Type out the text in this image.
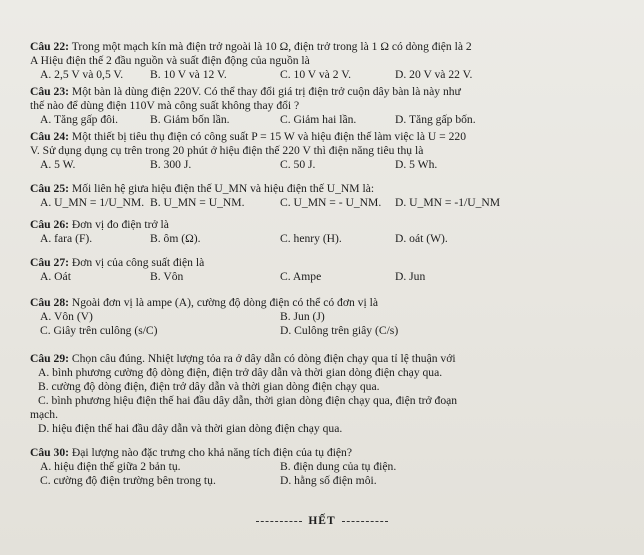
Câu 22: Trong một mạch kín mà điện trở ngoài là 10 Ω, điện trở trong là 1 Ω có dòng điện là 2
A Hiệu điện thế 2 đầu nguồn và suất điện động của nguồn là
A. 2,5 V và 0,5 V. B. 10 V và 12 V.	C. 10 V và 2 V.	D. 20 V và 22 V.
Câu 23: Một bàn là dùng điện 220V. Có thể thay đổi giá trị điện trở cuộn dây bàn là này như
thế nào để dùng điện 110V mà công suất không thay đổi ?
A. Tăng gấp đôi.	B. Giảm bốn lần.	C. Giảm hai lần.	D. Tăng gấp bốn.
Câu 24: Một thiết bị tiêu thụ điện có công suất P = 15 W và hiệu điện thế làm việc là U = 220
V. Sử dụng dụng cụ trên trong 20 phút ở hiệu điện thế 220 V thì điện năng tiêu thụ là
A. 5 W.	B. 300 J.	C. 50 J.	D. 5 Wh.
Câu 25: Mối liên hệ giưa hiệu điện thế U_MN và hiệu điện thế U_NM là:
A. U_MN = 1/U_NM. B. U_MN = U_NM.	C. U_MN = - U_NM. D. U_MN = -1/U_NM
Câu 26: Đơn vị đo điện trở là
A. fara (F).	B. ôm (Ω).	C. henry (H).	D. oát (W).
Câu 27: Đơn vị của công suất điện là
A. Oát	B. Vôn	C. Ampe	D. Jun
Câu 28: Ngoài đơn vị là ampe (A), cường độ dòng điện có thể có đơn vị là
A. Vôn (V)	B. Jun (J)
C. Giây trên culông (s/C)	D. Culông trên giây (C/s)
Câu 29: Chọn câu đúng. Nhiệt lượng tỏa ra ở dây dẫn có dòng điện chạy qua tỉ lệ thuận với
A. bình phương cường độ dòng điện, điện trở dây dẫn và thời gian dòng điện chạy qua.
B. cường độ dòng điện, điện trở dây dẫn và thời gian dòng điện chạy qua.
C. bình phương hiệu điện thế hai đầu dây dẫn, thời gian dòng điện chạy qua, điện trở đoạn
mạch.
D. hiệu điện thế hai đầu dây dẫn và thời gian dòng điện chạy qua.
Câu 30: Đại lượng nào đặc trưng cho khả năng tích điện của tụ điện?
A. hiệu điện thế giữa 2 bản tụ.	B. điện dung của tụ điện.
C. cường độ điện trường bên trong tụ.	D. hằng số điện môi.
HẾT
